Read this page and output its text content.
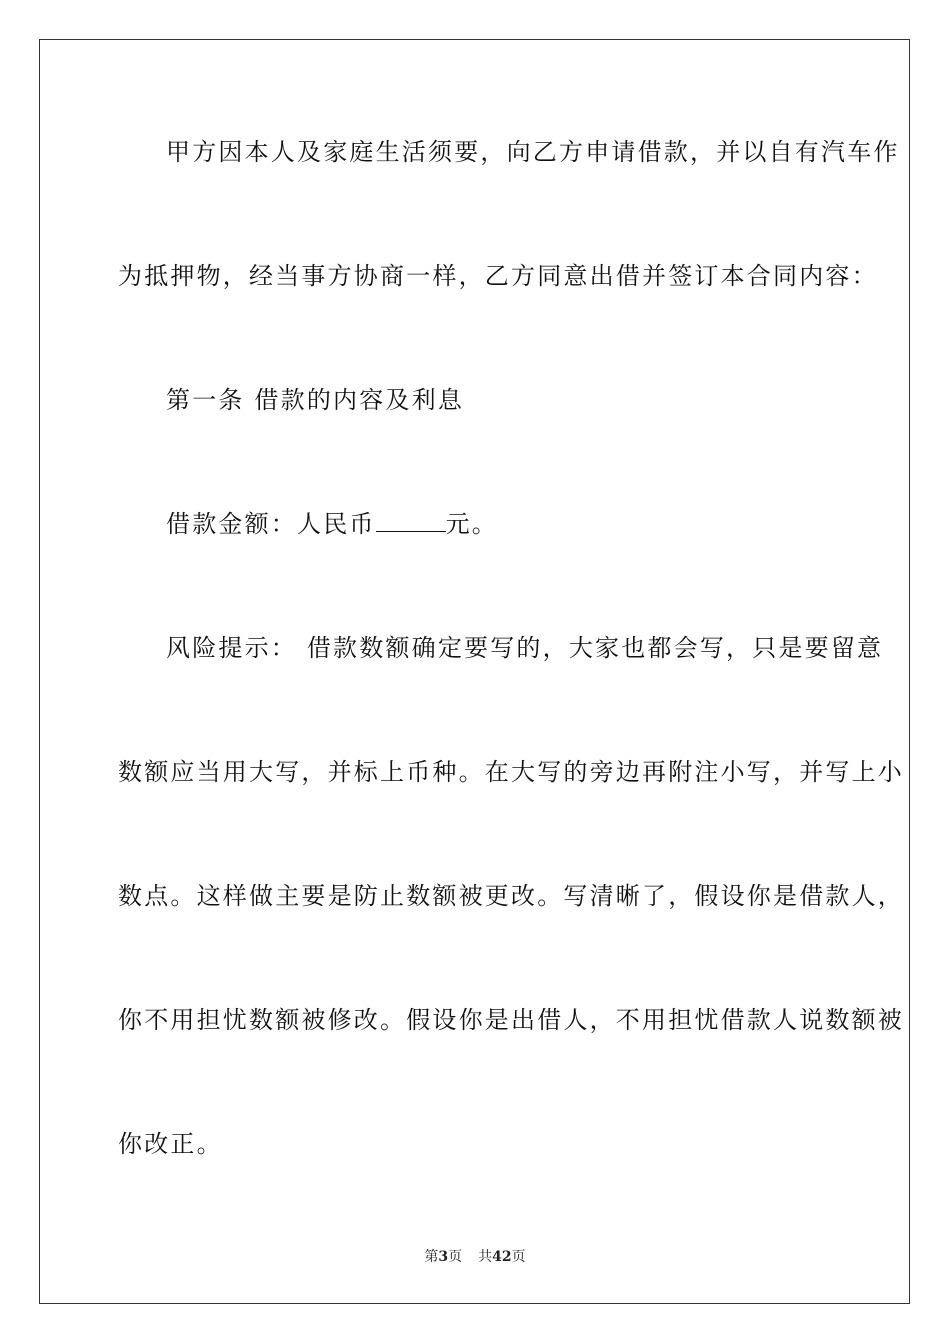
甲方因本人及家庭生活须要，向乙方申请借款，并以自有汽车作
为抵押物，经当事方协商一样，乙方同意出借并签订本合同内容：
第一条 借款的内容及利息
借款金额：人民币	元。
风险提示： 借款数额确定要写的，大家也都会写，只是要留意
数额应当用大写，并标上币种。在大写的旁边再附注小写，并写上小
数点。这样做主要是防止数额被更改。写清晰了，假设你是借款人，
你不用担忧数额被修改。假设你是出借人，不用担忧借款人说数额被
你改正。
第3页 共42页
